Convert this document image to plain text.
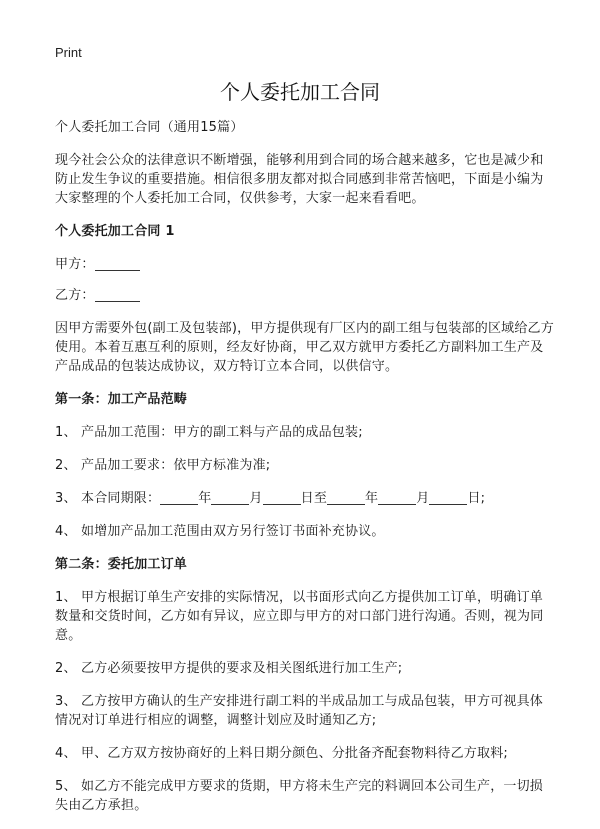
Print
个人委托加工合同

个人委托加工合同（通用15篇）

现今社会公众的法律意识不断增强，能够利用到合同的场合越来越多，它也是减少和防止发生争议的重要措施。相信很多朋友都对拟合同感到非常苦恼吧，下面是小编为大家整理的个人委托加工合同，仅供参考，大家一起来看看吧。

个人委托加工合同 1

甲方：

乙方：

因甲方需要外包(副工及包装部)，甲方提供现有厂区内的副工组与包装部的区域给乙方使用。本着互惠互利的原则，经友好协商，甲乙双方就甲方委托乙方副料加工生产及产品成品的包装达成协议，双方特订立本合同，以供信守。

第一条：加工产品范畴

1、 产品加工范围：甲方的副工料与产品的成品包装;

2、 产品加工要求：依甲方标准为准;

3、 本合同期限：	年	月	日至	年	月	日;

4、 如增加产品加工范围由双方另行签订书面补充协议。

第二条：委托加工订单

1、 甲方根据订单生产安排的实际情况，以书面形式向乙方提供加工订单，明确订单数量和交货时间，乙方如有异议，应立即与甲方的对口部门进行沟通。否则，视为同意。

2、 乙方必须要按甲方提供的要求及相关图纸进行加工生产;

3、 乙方按甲方确认的生产安排进行副工料的半成品加工与成品包装，甲方可视具体情况对订单进行相应的调整，调整计划应及时通知乙方;

4、 甲、乙方双方按协商好的上料日期分颜色、分批备齐配套物料待乙方取料;

5、 如乙方不能完成甲方要求的货期，甲方将未生产完的料调回本公司生产，一切损失由乙方承担。
